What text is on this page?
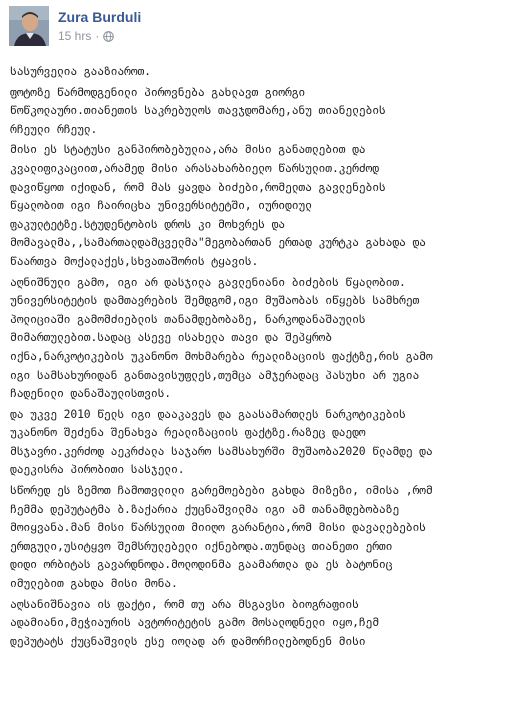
Zura Burduli
15 hrs ·
სასურველია გააზიაროთ.
ფოტოზე წარმოდგენილი პიროვნება გახლავთ გიორგი
წოწკოლაური.თიანეთის საკრებულოს თავჯდომარე,ანუ თიანელების
რჩეული რჩეულ.
მისი ეს სტატუსი განპირობებულია,არა მისი განათლებით და
კვალიფიკაციით,არამედ მისი არასახარბიელო წარსულით.კერძოდ
დავიწყოთ იქიდან, რომ მას ყავდა ბიძები,რომელთა გავლენების
წყალობით იგი ჩაირიცხა უნივერსიტეტში, იურიდიულ
ფაკულტეტზე.სტუდენტობის დროს კი მოხვრეს და
მომავალმა,,სამართალდამცველმა"მეგობართან ერთად კურტკა გახადა და
წაართვა მოქალაქეს,სხვათაშორის ტყავის.
აღნიშნული გამო, იგი არ დასჯილა გავლენიანი ბიძების წყალობით.
უნივერსიტეტის დამთავრების შემდგომ,იგი მუშაობას იწყებს სამხრეთ
პოლიციაში გამომძიებლის თანამდებობაზე, ნარკოდანაშაულის
მიმართულებით.სადაც ასევე ისახელა თავი და შეპყრობ
იქნა,ნარკოტიკების უკანონო მოხმარება რეალიზაციის ფაქტზე,რის გამო
იგი სამსახურიდან განთავისუფლეს,თუმცა ამჯერადაც პასუხი არ უგია
ჩადენილი დანაშაულისთვის.
და უკვე 2010 წელს იგი დააკავეს და გაასამართლეს ნარკოტიკების
უკანონო შეძენა შენახვა რეალიზაციის ფაქტზე.რაზეც დაედო
მსჯავრი.კერძოდ აეკრძალა საჯარო სამსახურში მუშაობა2020 წლამდე და
დაეკისრა პირობითი სასჯელი.
სწორედ ეს ზემოთ ჩამოთვლილი გარემოებები გახდა მიზეზი, იმისა ,რომ
ჩემმა დეპუტატმა ბ.ზაქარია ქუცნაშვილმა იგი ამ თანამდებობაზე
მოიყვანა.მან მისი წარსულით მიიღო გარანტია,რომ მისი დავალებების
ერთგული,უსიტყვო შემსრულებელი იქნებოდა.თუნდაც თიანეთი ერთი
დიდი ორბიტას გავარდნოდა.მოლოდინმა გაამართლა და ეს ბატონიც
იმულებით გახდა მისი მონა.
აღსანიშნავია ის ფაქტი, რომ თუ არა მსგავსი ბიოგრაფიის
ადამიანი,მეჭიაურის ავტორიტეტის გამო მოსალოდნელი იყო,ჩემ
დეპუტატს ქუცნაშვილს ესე იოლად არ დამორჩილებოდნენ მისი
